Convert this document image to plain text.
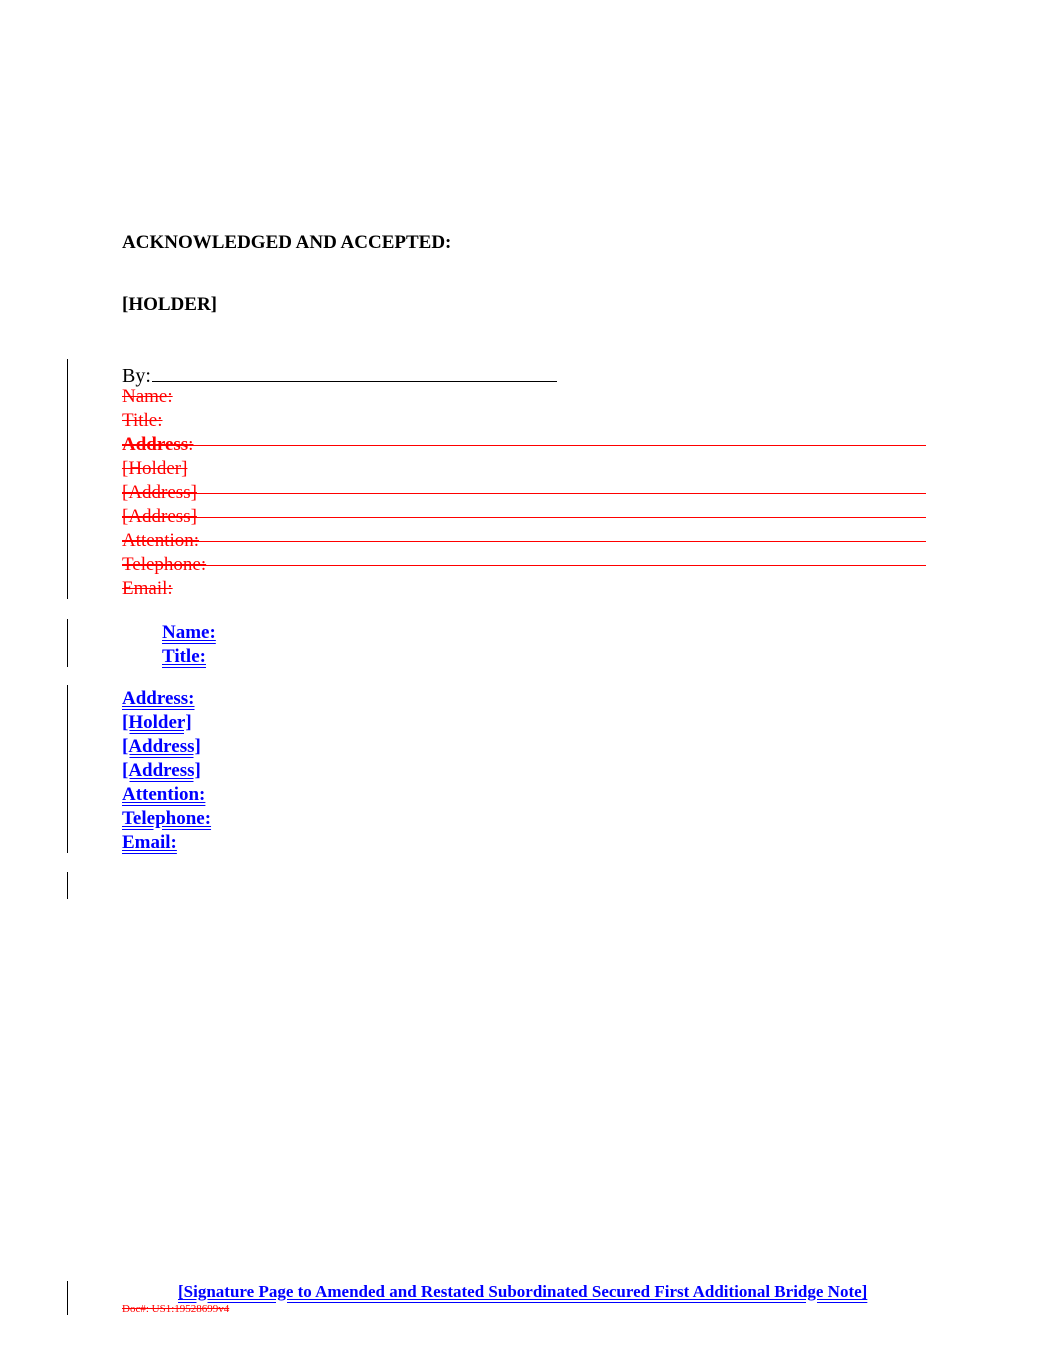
ACKNOWLEDGED AND ACCEPTED:
[HOLDER]
By:
Name:
Title:
Address:
[Holder]
[Address]
[Address]
Attention:
Telephone:
Email:
Name:
Title:
Address:
[Holder]
[Address]
[Address]
Attention:
Telephone:
Email:
[Signature Page to Amended and Restated Subordinated Secured First Additional Bridge Note]
Doc#: US1:19528699v4
